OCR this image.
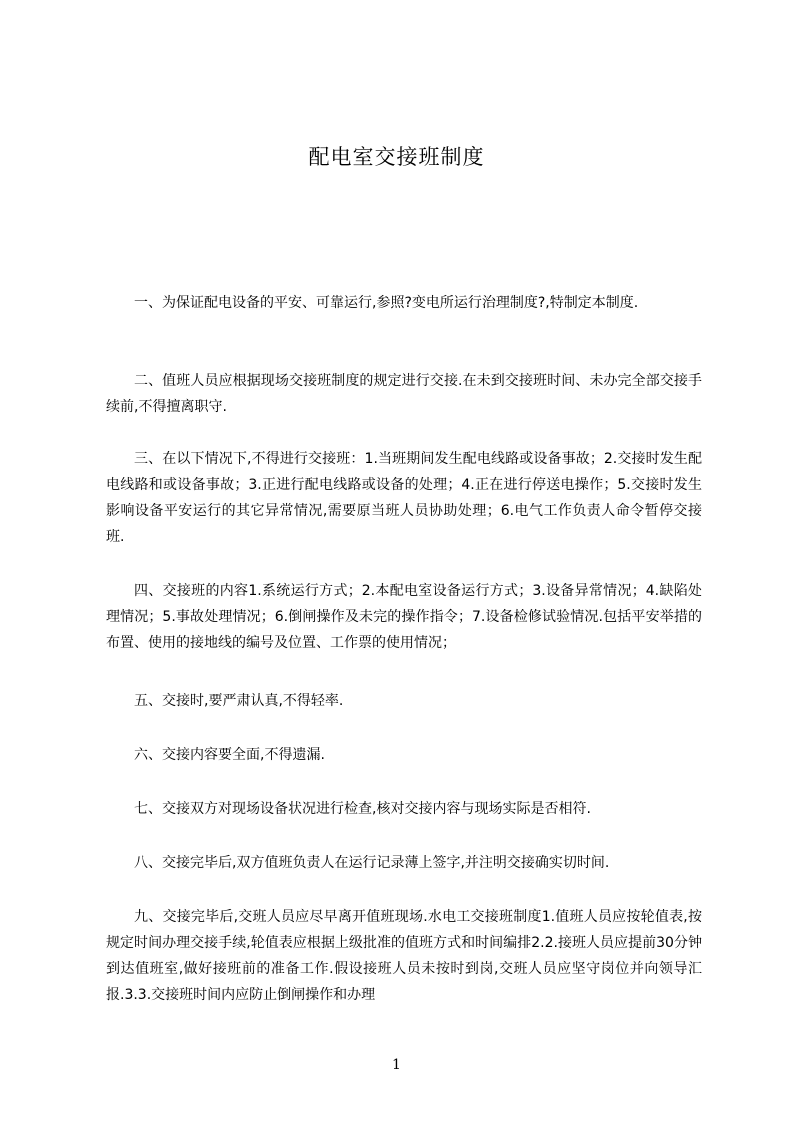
配电室交接班制度
一、为保证配电设备的平安、可靠运行,参照?变电所运行治理制度?,特制定本制度.
二、值班人员应根据现场交接班制度的规定进行交接.在未到交接班时间、未办完全部交接手续前,不得擅离职守.
三、在以下情况下,不得进行交接班：1.当班期间发生配电线路或设备事故；2.交接时发生配电线路和或设备事故；3.正进行配电线路或设备的处理；4.正在进行停送电操作；5.交接时发生影响设备平安运行的其它异常情况,需要原当班人员协助处理；6.电气工作负责人命令暂停交接班.
四、交接班的内容1.系统运行方式；2.本配电室设备运行方式；3.设备异常情况；4.缺陷处理情况；5.事故处理情况；6.倒闸操作及未完的操作指令；7.设备检修试验情况.包括平安举措的布置、使用的接地线的编号及位置、工作票的使用情况；
五、交接时,要严肃认真,不得轻率.
六、交接内容要全面,不得遗漏.
七、交接双方对现场设备状况进行检查,核对交接内容与现场实际是否相符.
八、交接完毕后,双方值班负责人在运行记录薄上签字,并注明交接确实切时间.
九、交接完毕后,交班人员应尽早离开值班现场.水电工交接班制度1.值班人员应按轮值表,按规定时间办理交接手续,轮值表应根据上级批准的值班方式和时间编排2.2.接班人员应提前30分钟到达值班室,做好接班前的准备工作.假设接班人员未按时到岗,交班人员应坚守岗位并向领导汇报.3.3.交接班时间内应防止倒闸操作和办理
1
